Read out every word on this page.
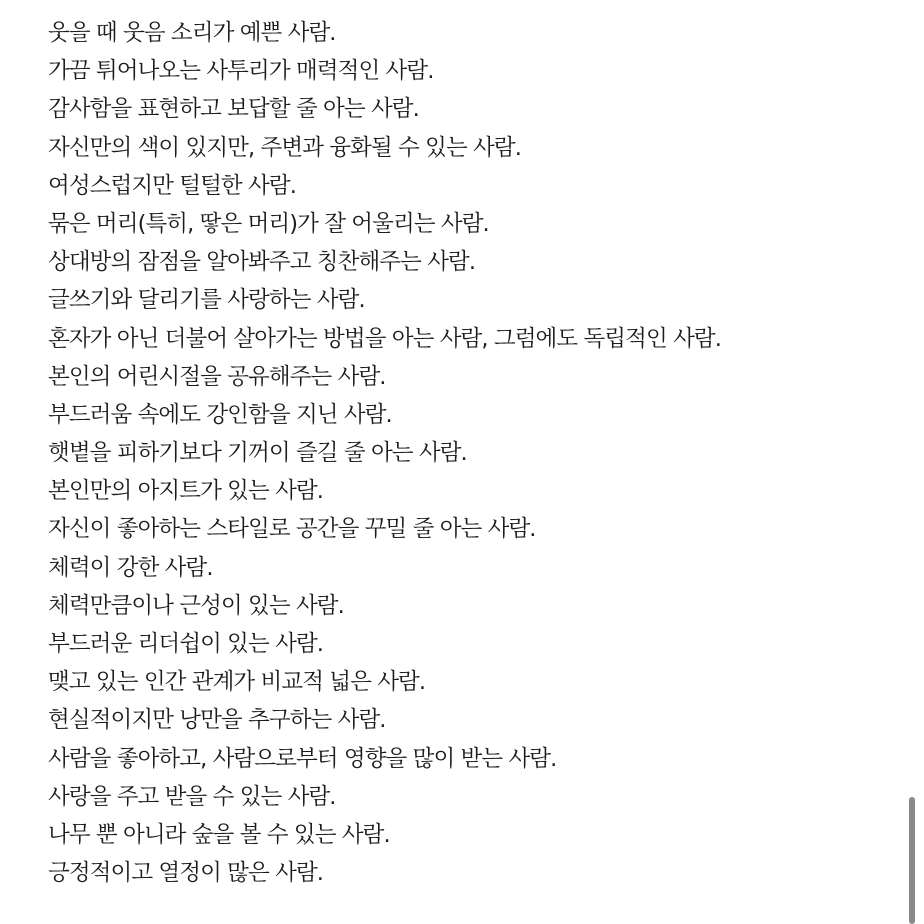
웃을 때 웃음 소리가 예쁜 사람.
가끔 튀어나오는 사투리가 매력적인 사람.
감사함을 표현하고 보답할 줄 아는 사람.
자신만의 색이 있지만, 주변과 융화될 수 있는 사람.
여성스럽지만 털털한 사람.
묶은 머리(특히, 땋은 머리)가 잘 어울리는 사람.
상대방의 잠점을 알아봐주고 칭찬해주는 사람.
글쓰기와 달리기를 사랑하는 사람.
혼자가 아닌 더불어 살아가는 방법을 아는 사람, 그럼에도 독립적인 사람.
본인의 어린시절을 공유해주는 사람.
부드러움 속에도 강인함을 지닌 사람.
햇볕을 피하기보다 기꺼이 즐길 줄 아는 사람.
본인만의 아지트가 있는 사람.
자신이 좋아하는 스타일로 공간을 꾸밀 줄 아는 사람.
체력이 강한 사람.
체력만큼이나 근성이 있는 사람.
부드러운 리더쉽이 있는 사람.
맺고 있는 인간 관계가 비교적 넓은 사람.
현실적이지만 낭만을 추구하는 사람.
사람을 좋아하고, 사람으로부터 영향을 많이 받는 사람.
사랑을 주고 받을 수 있는 사람.
나무 뿐 아니라 숲을 볼 수 있는 사람.
긍정적이고 열정이 많은 사람.
